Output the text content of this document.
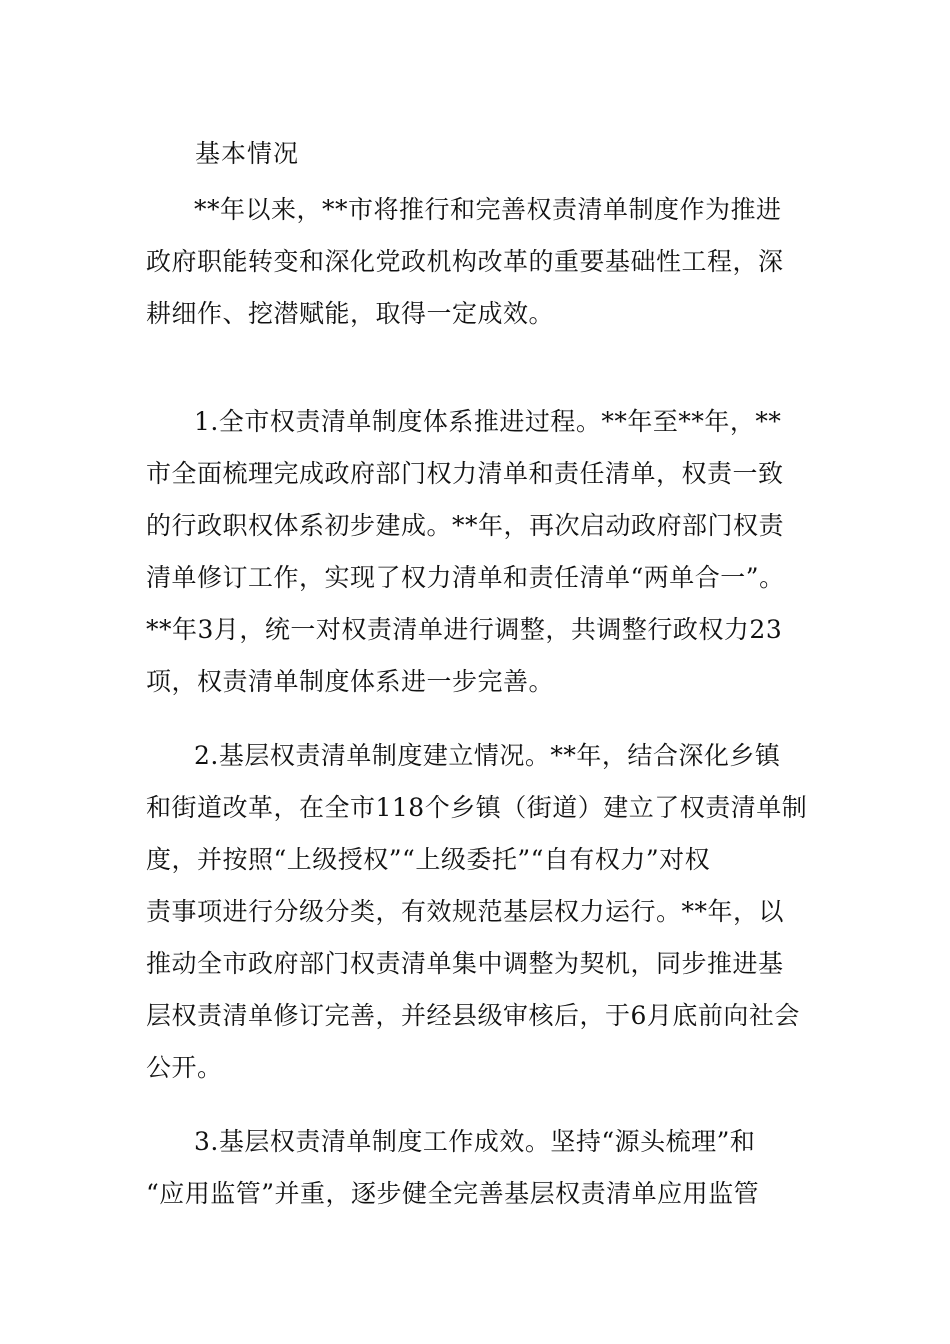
基本情况
**年以来，**市将推行和完善权责清单制度作为推进
政府职能转变和深化党政机构改革的重要基础性工程，深
耕细作、挖潜赋能，取得一定成效。
1.全市权责清单制度体系推进过程。**年至**年，**
市全面梳理完成政府部门权力清单和责任清单，权责一致
的行政职权体系初步建成。**年，再次启动政府部门权责
清单修订工作，实现了权力清单和责任清单“两单合一”。
**年3月，统一对权责清单进行调整，共调整行政权力23
项，权责清单制度体系进一步完善。
2.基层权责清单制度建立情况。**年，结合深化乡镇
和街道改革，在全市118个乡镇（街道）建立了权责清单制
度，并按照“上级授权”“上级委托”“自有权力”对权
责事项进行分级分类，有效规范基层权力运行。**年，以
推动全市政府部门权责清单集中调整为契机，同步推进基
层权责清单修订完善，并经县级审核后，于6月底前向社会
公开。
3.基层权责清单制度工作成效。坚持“源头梳理”和
“应用监管”并重，逐步健全完善基层权责清单应用监管
